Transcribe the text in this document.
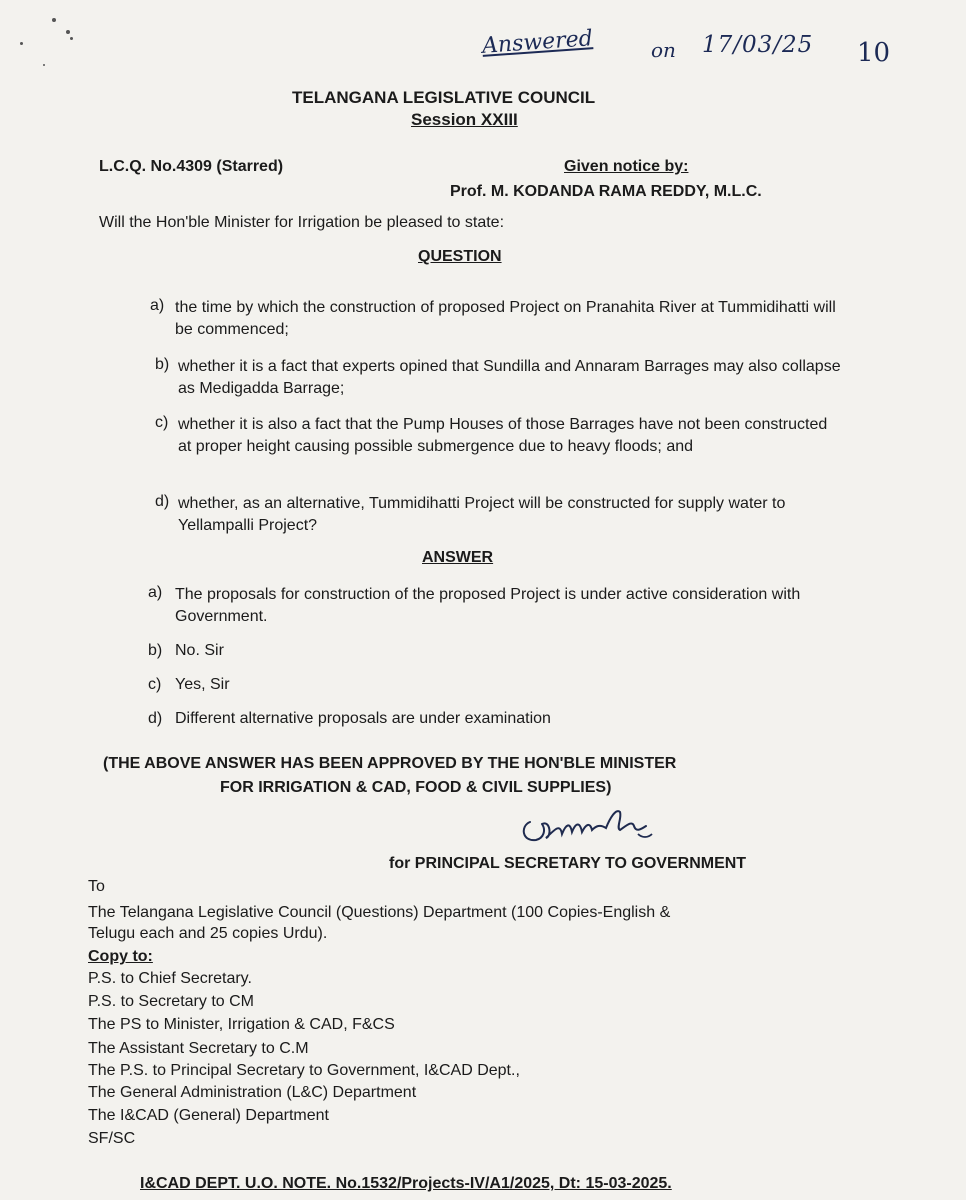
Answered	on 17/03/25 10
TELANGANA LEGISLATIVE COUNCIL
Session XXIII
L.C.Q. No.4309 (Starred)	Given notice by:
Prof. M. KODANDA RAMA REDDY, M.L.C.
Will the Hon'ble Minister for Irrigation be pleased to state:
QUESTION
a) the time by which the construction of proposed Project on Pranahita River at Tummidihatti will be commenced;
b) whether it is a fact that experts opined that Sundilla and Annaram Barrages may also collapse as Medigadda Barrage;
c) whether it is also a fact that the Pump Houses of those Barrages have not been constructed at proper height causing possible submergence due to heavy floods; and
d) whether, as an alternative, Tummidihatti Project will be constructed for supply water to Yellampalli Project?
ANSWER
a) The proposals for construction of the proposed Project is under active consideration with Government.
b) No. Sir
c) Yes, Sir
d) Different alternative proposals are under examination
(THE ABOVE ANSWER HAS BEEN APPROVED BY THE HON'BLE MINISTER
FOR IRRIGATION & CAD, FOOD & CIVIL SUPPLIES)
for PRINCIPAL SECRETARY TO GOVERNMENT
To
The Telangana Legislative Council (Questions) Department (100 Copies-English &
Telugu each and 25 copies Urdu).
Copy to:
P.S. to Chief Secretary.
P.S. to Secretary to CM
The PS to Minister, Irrigation & CAD, F&CS
The Assistant Secretary to C.M
The P.S. to Principal Secretary to Government, I&CAD Dept.,
The General Administration (L&C) Department
The I&CAD (General) Department
SF/SC
I&CAD DEPT. U.O. NOTE. No.1532/Projects-IV/A1/2025, Dt: 15-03-2025.
